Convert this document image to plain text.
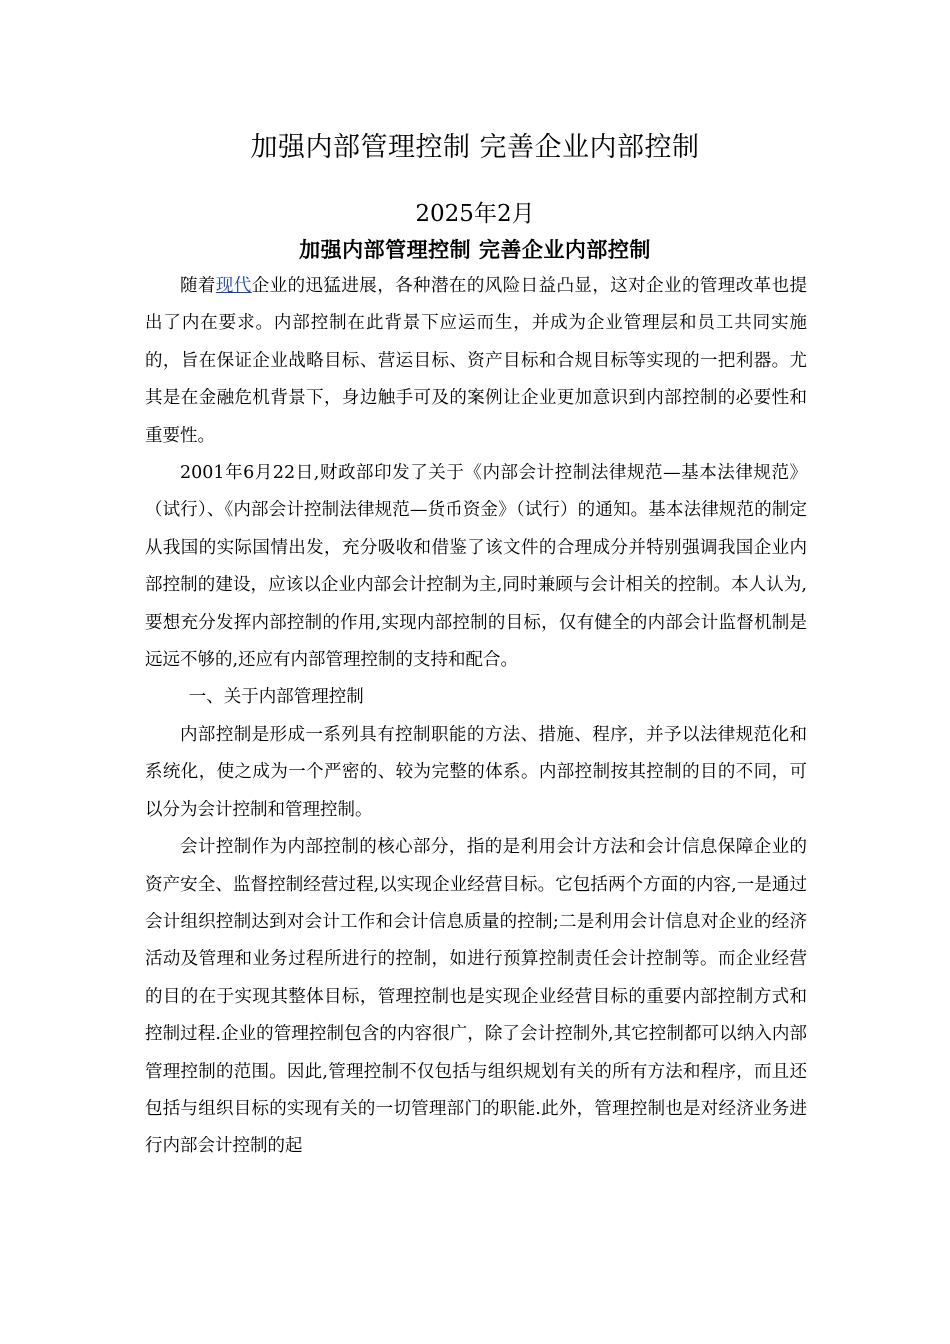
加强内部管理控制 完善企业内部控制
2025年2月
加强内部管理控制 完善企业内部控制

随着现代企业的迅猛进展，各种潜在的风险日益凸显，这对企业的管理改革也提出了内在要求。内部控制在此背景下应运而生，并成为企业管理层和员工共同实施的，旨在保证企业战略目标、营运目标、资产目标和合规目标等实现的一把利器。尤其是在金融危机背景下，身边触手可及的案例让企业更加意识到内部控制的必要性和重要性。

2001年6月22日,财政部印发了关于《内部会计控制法律规范—基本法律规范》（试行）、《内部会计控制法律规范—货币资金》（试行）的通知。基本法律规范的制定从我国的实际国情出发，充分吸收和借鉴了该文件的合理成分并特别强调我国企业内部控制的建设，应该以企业内部会计控制为主,同时兼顾与会计相关的控制。本人认为,要想充分发挥内部控制的作用,实现内部控制的目标，仅有健全的内部会计监督机制是远远不够的,还应有内部管理控制的支持和配合。

一、关于内部管理控制

内部控制是形成一系列具有控制职能的方法、措施、程序，并予以法律规范化和系统化，使之成为一个严密的、较为完整的体系。内部控制按其控制的目的不同，可以分为会计控制和管理控制。

会计控制作为内部控制的核心部分，指的是利用会计方法和会计信息保障企业的资产安全、监督控制经营过程,以实现企业经营目标。它包括两个方面的内容,一是通过会计组织控制达到对会计工作和会计信息质量的控制;二是利用会计信息对企业的经济活动及管理和业务过程所进行的控制，如进行预算控制责任会计控制等。而企业经营的目的在于实现其整体目标，管理控制也是实现企业经营目标的重要内部控制方式和控制过程.企业的管理控制包含的内容很广，除了会计控制外,其它控制都可以纳入内部管理控制的范围。因此,管理控制不仅包括与组织规划有关的所有方法和程序，而且还包括与组织目标的实现有关的一切管理部门的职能.此外，管理控制也是对经济业务进行内部会计控制的起
